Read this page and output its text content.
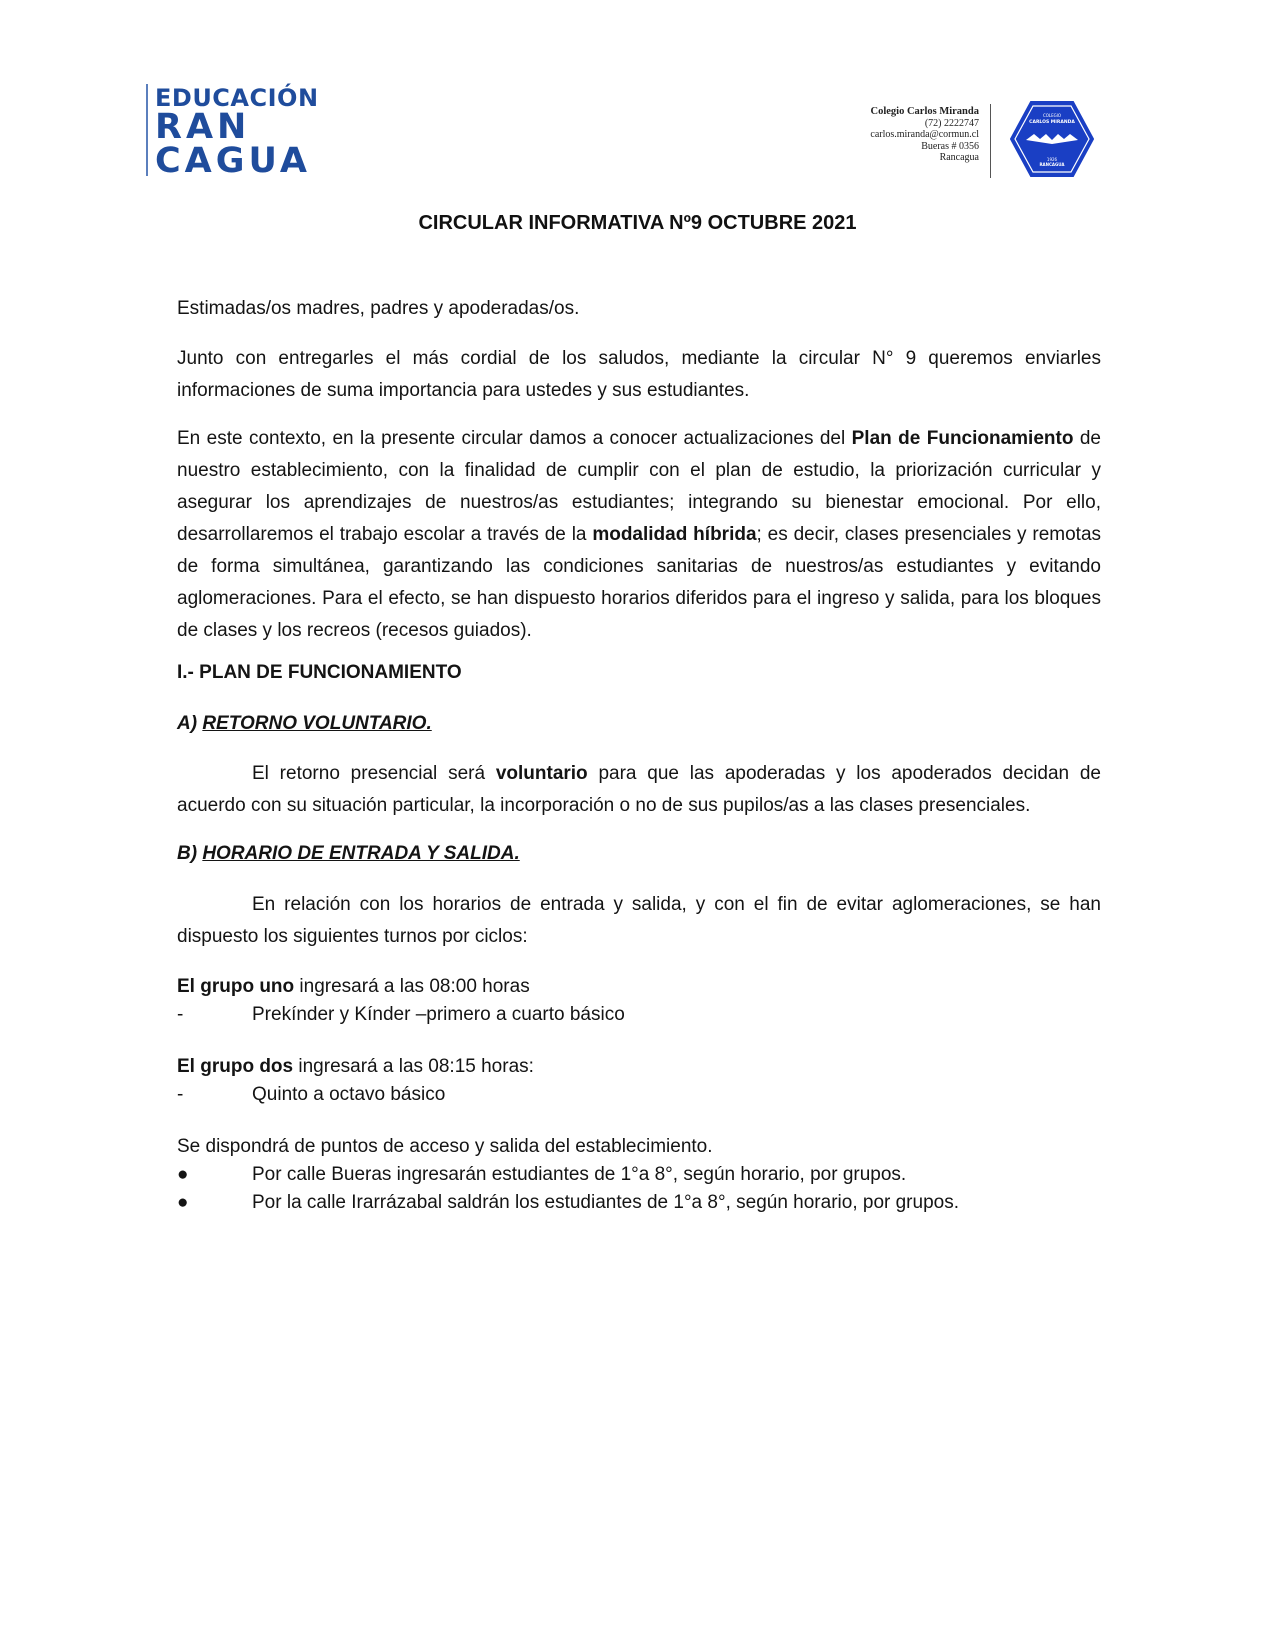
EDUCACIÓN
RAN
CAGUA
Colegio Carlos Miranda
(72) 2222747
carlos.miranda@cormun.cl
Bueras # 0356
Rancagua
COLEGIO
CARLOS MIRANDA
1926
RANCAGUA
CIRCULAR INFORMATIVA Nº9 OCTUBRE 2021

Estimadas/os madres, padres y apoderadas/os.

Junto con entregarles el más cordial de los saludos, mediante la circular N° 9 queremos enviarles informaciones de suma importancia para ustedes y sus estudiantes.

En este contexto, en la presente circular damos a conocer actualizaciones del Plan de Funcionamiento de nuestro establecimiento, con la finalidad de cumplir con el plan de estudio, la priorización curricular y asegurar los aprendizajes de nuestros/as estudiantes; integrando su bienestar emocional. Por ello, desarrollaremos el trabajo escolar a través de la modalidad híbrida; es decir, clases presenciales y remotas de forma simultánea, garantizando las condiciones sanitarias de nuestros/as estudiantes y evitando aglomeraciones. Para el efecto, se han dispuesto horarios diferidos para el ingreso y salida, para los bloques de clases y los recreos (recesos guiados).

I.- PLAN DE FUNCIONAMIENTO

A) RETORNO VOLUNTARIO.

El retorno presencial será voluntario para que las apoderadas y los apoderados decidan de acuerdo con su situación particular, la incorporación o no de sus pupilos/as a las clases presenciales.

B) HORARIO DE ENTRADA Y SALIDA.

En relación con los horarios de entrada y salida, y con el fin de evitar aglomeraciones, se han dispuesto los siguientes turnos por ciclos:

El grupo uno ingresará a las 08:00 horas

-	Prekínder y Kínder –primero a cuarto básico

El grupo dos ingresará a las 08:15 horas:

-	Quinto a octavo básico

Se dispondrá de puntos de acceso y salida del establecimiento.

●	Por calle Bueras ingresarán estudiantes de 1°a 8°, según horario, por grupos.
●	Por la calle Irarrázabal saldrán los estudiantes de 1°a 8°, según horario, por grupos.
